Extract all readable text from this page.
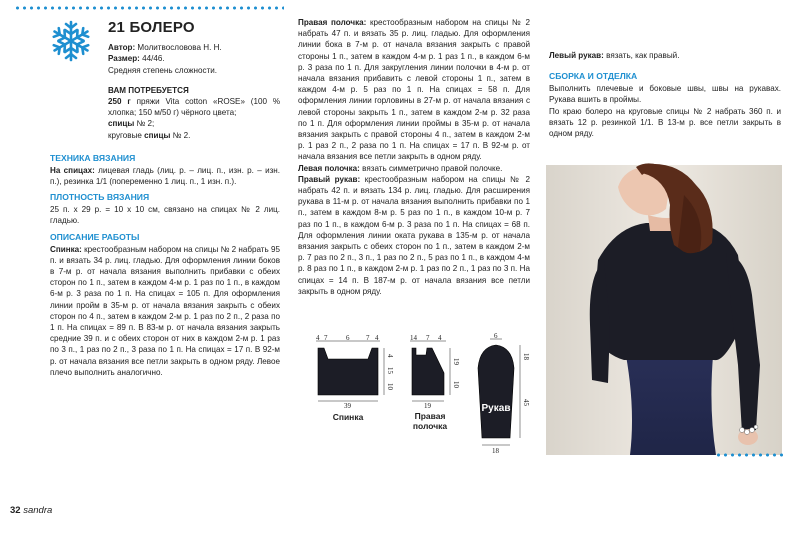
21 БОЛЕРО

Автор: Молитвословова Н. Н.

Размер: 44/46.

Средняя степень сложности.

ВАМ ПОТРЕБУЕТСЯ

250 г пряжи Vita cotton «ROSE» (100 % хлопка; 150 м/50 г) чёрного цвета;

спицы № 2;

круговые спицы № 2.

ТЕХНИКА ВЯЗАНИЯ

На спицах: лицевая гладь (лиц. р. – лиц. п., изн. р. – изн. п.), резинка 1/1 (попеременно 1 лиц. п., 1 изн. п.).

ПЛОТНОСТЬ ВЯЗАНИЯ

25 п. х 29 р. = 10 х 10 см, связано на спицах № 2 лиц. гладью.

ОПИСАНИЕ РАБОТЫ

Спинка: крестообразным набором на спицы № 2 набрать 95 п. и вязать 34 р. лиц. гладью. Для оформления линии боков в 7-м р. от начала вязания выполнить прибавки с обеих сторон по 1 п., затем в каждом 4-м р. 1 раз по 1 п., в каждом 6-м р. 3 раза по 1 п. На спицах = 105 п. Для оформления линии пройм в 35-м р. от начала вязания закрыть с обеих сторон по 4 п., затем в каждом 2-м р. 1 раз по 2 п., 2 раза по 1 п. На спицах = 89 п. В 83-м р. от начала вязания закрыть средние 39 п. и с обеих сторон от них в каждом 2-м р. 1 раз по 3 п., 1 раз по 2 п., 3 раза по 1 п. На спицах = 17 п. В 92-м р. от начала вязания все петли закрыть в одном ряду. Левое плечо выполнить аналогично.

Правая полочка: крестообразным набором на спицы № 2 набрать 47 п. и вязать 35 р. лиц. гладью. Для оформления линии бока в 7-м р. от начала вязания закрыть с правой стороны 1 п., затем в каждом 4-м р. 1 раз 1 п., в каждом 6-м р. 3 раза по 1 п. Для закругления линии полочки в 4-м р. от начала вязания прибавить с левой стороны 1 п., затем в каждом 4-м р. 5 раз по 1 п. На спицах = 58 п. Для оформления линии горловины в 27-м р. от начала вязания с левой стороны закрыть 1 п., затем в каждом 2-м р. 32 раза по 1 п. Для оформления линии проймы в 35-м р. от начала вязания закрыть с правой стороны 4 п., затем в каждом 2-м р. 1 раз 2 п., 2 раза по 1 п. На спицах = 17 п. В 92-м р. от начала вязания все петли закрыть в одном ряду.

Левая полочка: вязать симметрично правой полочке.

Правый рукав: крестообразным набором на спицы № 2 набрать 42 п. и вязать 134 р. лиц. гладью. Для расширения рукава в 11-м р. от начала вязания выполнить прибавки по 1 п., затем в каждом 8-м р. 5 раз по 1 п., в каждом 10-м р. 7 раз по 1 п., в каждом 6-м р. 3 раза по 1 п. На спицах = 68 п. Для оформления линии оката рукава в 135-м р. от начала вязания закрыть с обеих сторон по 1 п., затем в каждом 2-м р. 7 раз по 2 п., 3 п., 1 раз по 2 п., 5 раз по 1 п., в каждом 4-м р. 8 раз по 1 п., в каждом 2-м р. 1 раз по 2 п., 1 раз по 3 п. На спицах = 14 п. В 187-м р. от начала вязания все петли закрыть в одном ряду.

4 7	6 7 4
4
15
10
39
14 7 4
19
10
19
6
18
45
18
Рукав
Спинка	Правая полочка

Левый рукав: вязать, как правый.

СБОРКА И ОТДЕЛКА

Выполнить плечевые и боковые швы, швы на рукавах. Рукава вшить в проймы.

По краю болеро на круговые спицы № 2 набрать 360 п. и вязать 12 р. резинкой 1/1. В 13-м р. все петли закрыть в одном ряду.

32 sandra
